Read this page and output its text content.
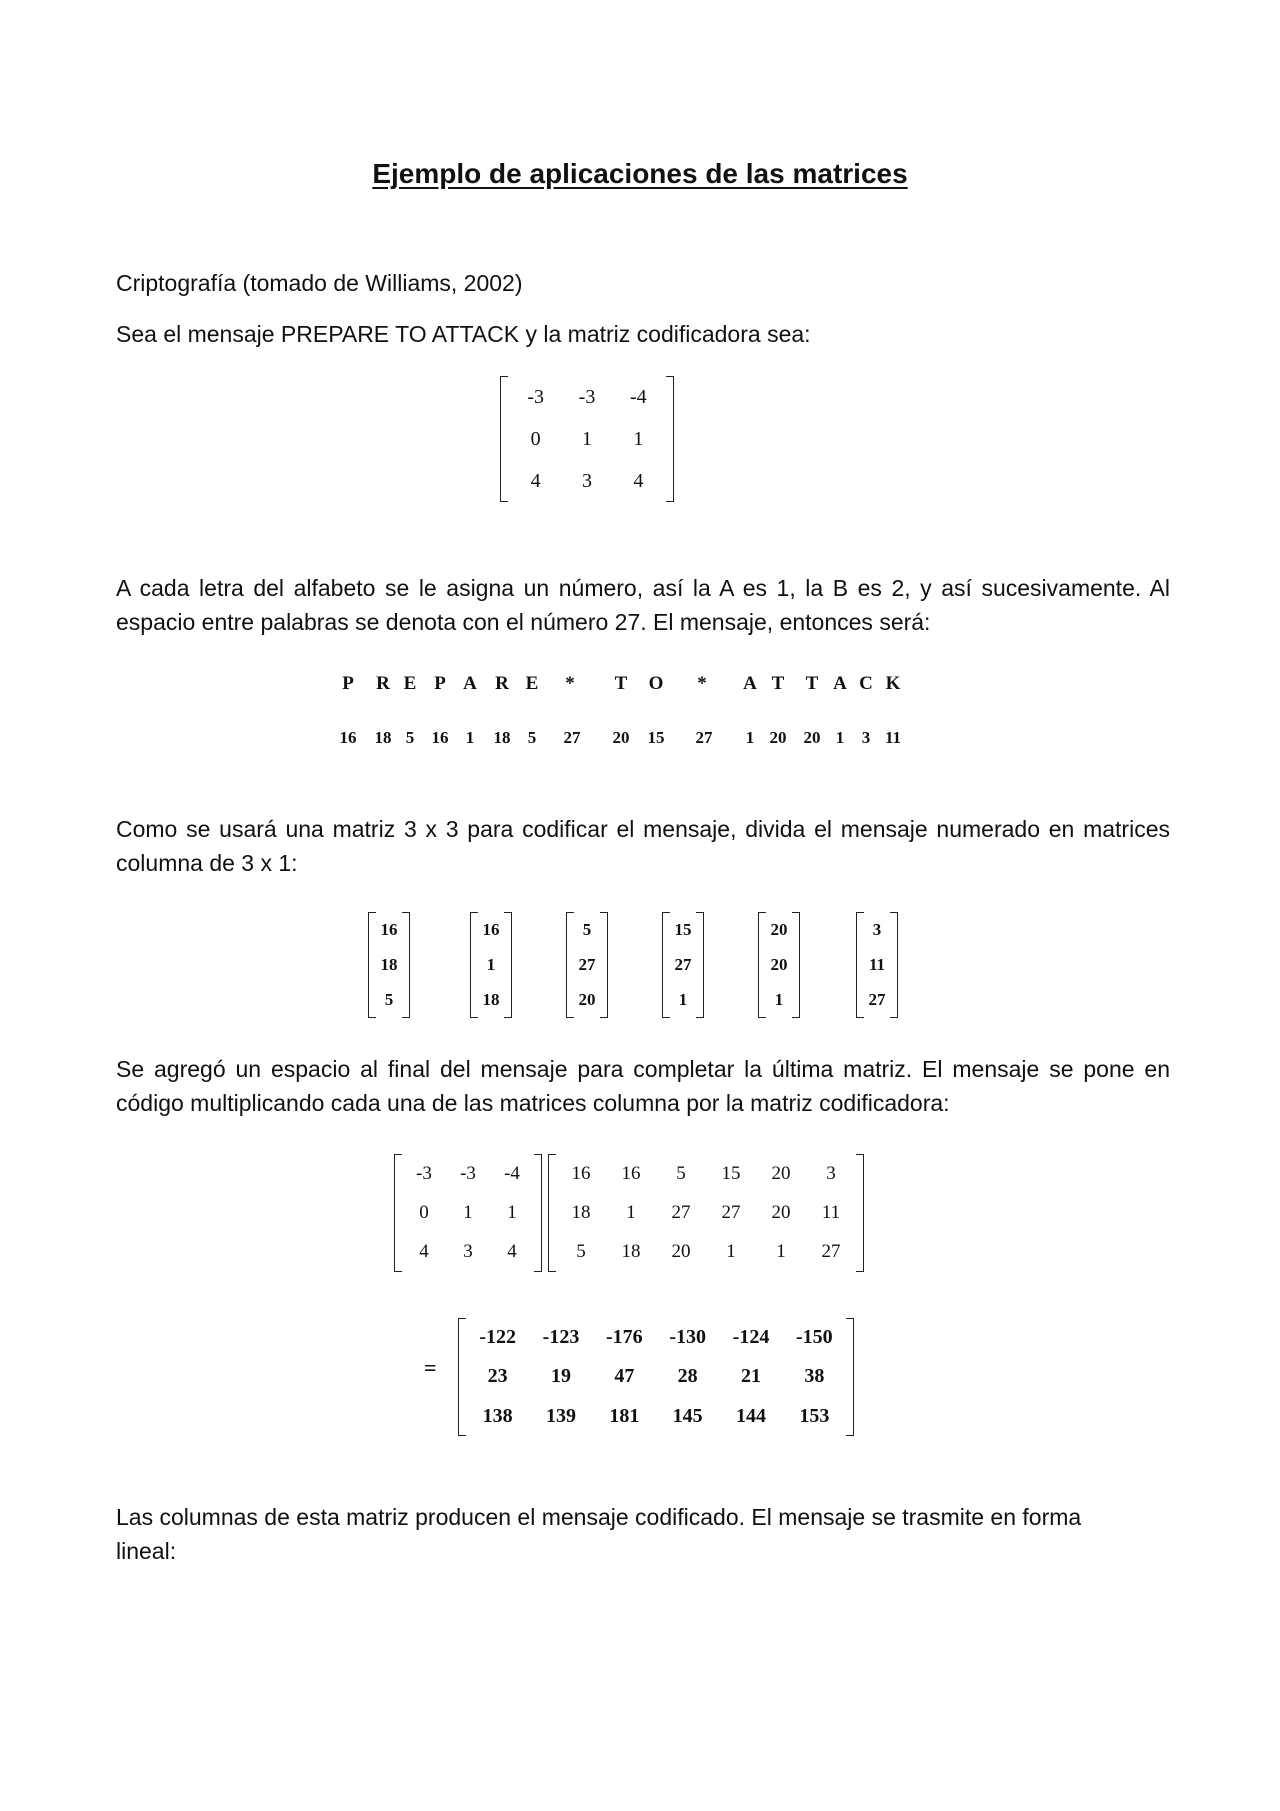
Ejemplo de aplicaciones de las matrices
Criptografía (tomado de Williams, 2002)
Sea el mensaje PREPARE TO ATTACK y la matriz codificadora sea:
-3 -3 -4
0 1 1
4 3 4
A cada letra del alfabeto se le asigna un número, así la A es 1, la B es 2, y así sucesivamente. Al espacio entre palabras se denota con el número 27. El mensaje, entonces será:
P R E P A R E * T O * A T T A C K
16 18 5 16 1 18 5 27 20 15 27 1 20 20 1 3 11
Como se usará una matriz 3 x 3 para codificar el mensaje, divida el mensaje numerado en matrices columna de 3 x 1:
16
18
5
16
1
18
5
27
20
15
27
1
20
20
1
3
11
27
Se agregó un espacio al final del mensaje para completar la última matriz. El mensaje se pone en código multiplicando cada una de las matrices columna por la matriz codificadora:
-3 -3 -4
0 1 1
4 3 4
16 16 5 15 20 3
18 1 27 27 20 11
5 18 20 1 1 27
=
-122 -123 -176 -130 -124 -150
23 19 47 28 21 38
138 139 181 145 144 153
Las columnas de esta matriz producen el mensaje codificado. El mensaje se trasmite en forma lineal:
